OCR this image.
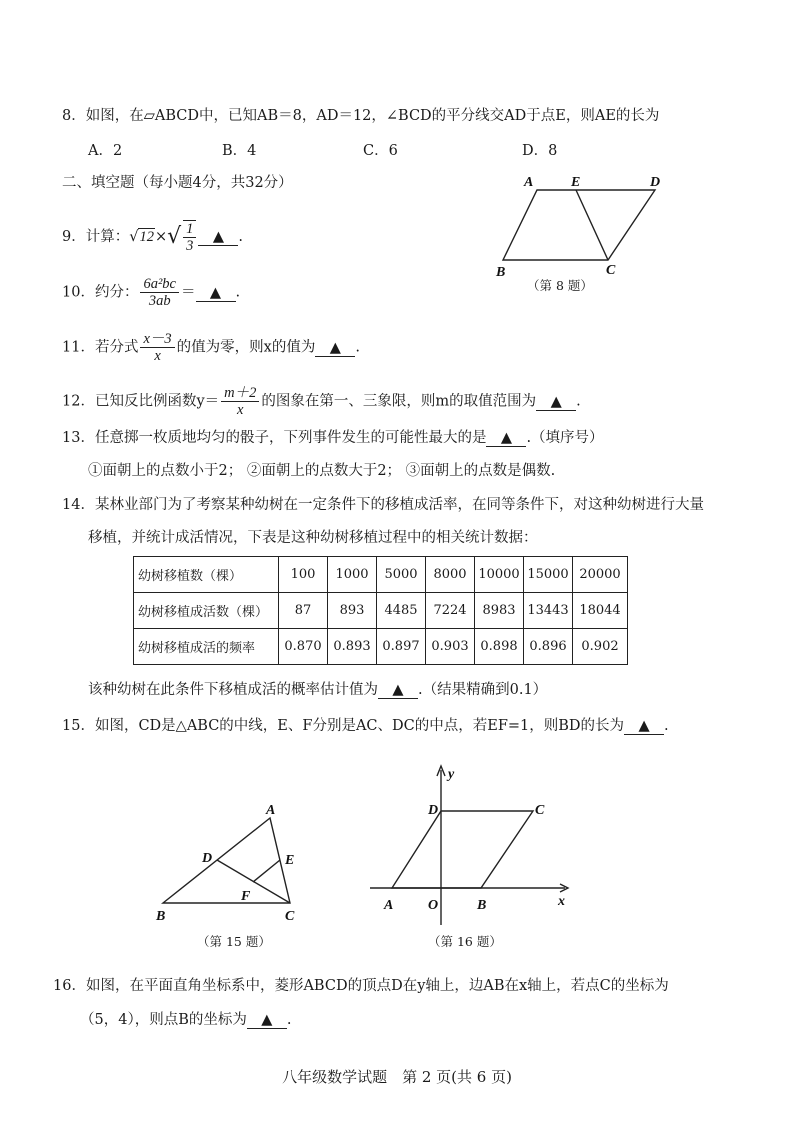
8．如图，在▱ABCD中，已知AB＝8，AD＝12，∠BCD的平分线交AD于点E，则AE的长为
A．2	B．4	C．6	D．8
二、填空题（每小题4分，共32分）	A	E	D
B	C
（第 8 题）
9．计算：$√12\times√ \frac{1}{3}$ ▲ .
10．约分： $\frac{\text{6a²bc}}{3ab}$ ＝ ▲ .
11．若分式 $\frac{x-3}{x}$ 的值为零，则x的值为 ▲ .
12．已知反比例函数$y= \frac{m+2}{x}$ 的图象在第一、三象限，则m的取值范围为 ▲ .
13．任意掷一枚质地均匀的骰子，下列事件发生的可能性最大的是 ▲ .（填序号）
①面朝上的点数小于2； ②面朝上的点数大于2； ③面朝上的点数是偶数.
14．某林业部门为了考察某种幼树在一定条件下的移植成活率，在同等条件下，对这种幼树进行大量
移植，并统计成活情况，下表是这种幼树移植过程中的相关统计数据：
幼树移植数（棵）	100	1000	5000	8000	10000	15000	20000
幼树移植成活数（棵）	87	893	4485	7224	8983	13443	18044
幼树移植成活的频率	0.870	0.893	0.897	0.903	0.898	0.896	0.902
该种幼树在此条件下移植成活的概率估计值为 ▲ .（结果精确到0.1）
15．如图，CD是△ABC的中线，E、F分别是AC、DC的中点，若EF=1，则BD的长为 ▲ .
A
D	E
F
B	C
（第 15 题）
y
D	C
A O	B	x
（第 16 题）
16．如图，在平面直角坐标系中，菱形ABCD的顶点D在y轴上，边AB在x轴上，若点C的坐标为
（5，4），则点B的坐标为 ▲ .
八年级数学试题　第 2 页(共 6 页)
